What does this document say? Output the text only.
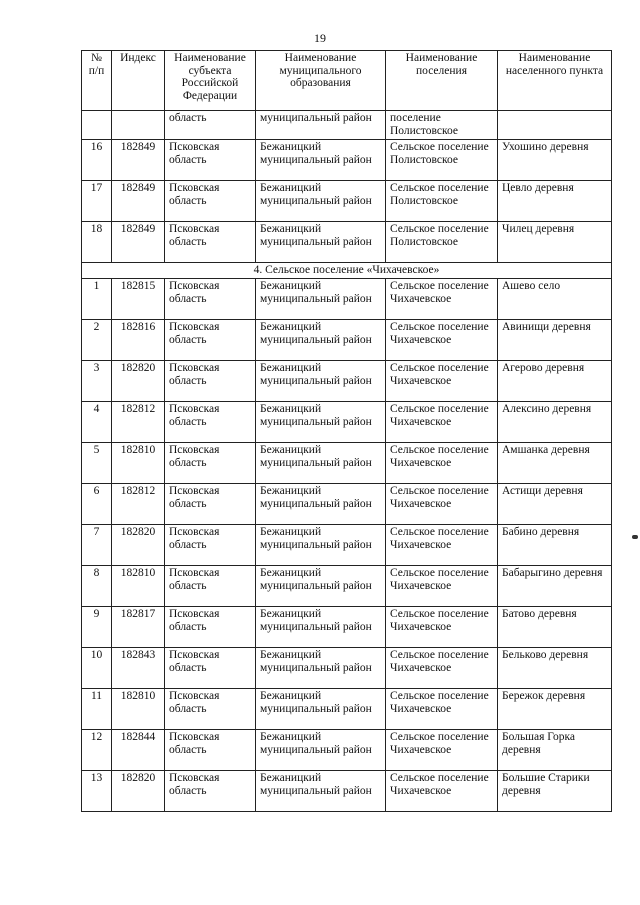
19
№ п/п	Индекс	Наименование субъекта Российской Федерации	Наименование муниципального образования	Наименование поселения	Наименование населенного пункта
		область	муниципальный район	поселение Полистовское	
16	182849	Псковская область	Бежаницкий муниципальный район	Сельское поселение Полистовское	Ухошино деревня
17	182849	Псковская область	Бежаницкий муниципальный район	Сельское поселение Полистовское	Цевло деревня
18	182849	Псковская область	Бежаницкий муниципальный район	Сельское поселение Полистовское	Чилец деревня
4. Сельское поселение «Чихачевское»					
1	182815	Псковская область	Бежаницкий муниципальный район	Сельское поселение Чихачевское	Ашево село
2	182816	Псковская область	Бежаницкий муниципальный район	Сельское поселение Чихачевское	Авинищи деревня
3	182820	Псковская область	Бежаницкий муниципальный район	Сельское поселение Чихачевское	Агерово деревня
4	182812	Псковская область	Бежаницкий муниципальный район	Сельское поселение Чихачевское	Алексино деревня
5	182810	Псковская область	Бежаницкий муниципальный район	Сельское поселение Чихачевское	Амшанка деревня
6	182812	Псковская область	Бежаницкий муниципальный район	Сельское поселение Чихачевское	Астищи деревня
7	182820	Псковская область	Бежаницкий муниципальный район	Сельское поселение Чихачевское	Бабино деревня
8	182810	Псковская область	Бежаницкий муниципальный район	Сельское поселение Чихачевское	Бабарыгино деревня
9	182817	Псковская область	Бежаницкий муниципальный район	Сельское поселение Чихачевское	Батово деревня
10	182843	Псковская область	Бежаницкий муниципальный район	Сельское поселение Чихачевское	Бельково деревня
11	182810	Псковская область	Бежаницкий муниципальный район	Сельское поселение Чихачевское	Бережок деревня
12	182844	Псковская область	Бежаницкий муниципальный район	Сельское поселение Чихачевское	Большая Горка деревня
13	182820	Псковская область	Бежаницкий муниципальный район	Сельское поселение Чихачевское	Большие Старики деревня
